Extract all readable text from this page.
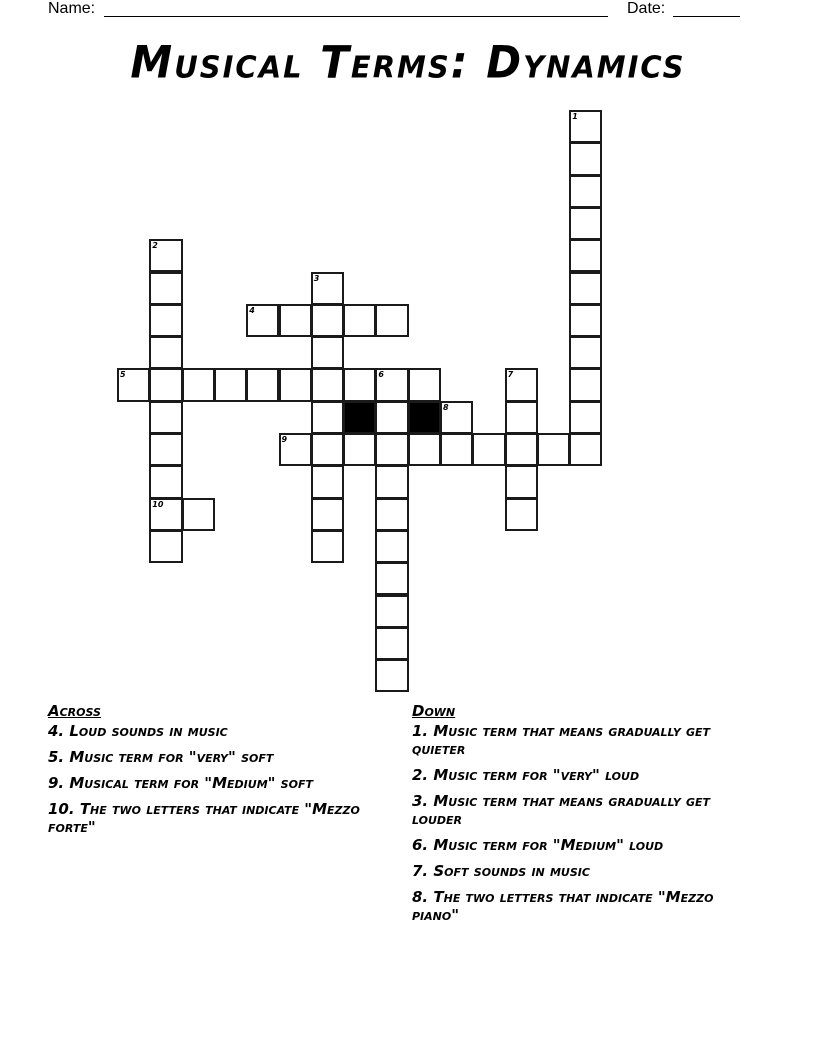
Name:	Date:
Musical Terms: Dynamics
1
2
10
3
4
5	6	7
8
9
Across
4. Loud sounds in music
5. Music term for "very" soft
9. Musical term for "Medium" soft
10. The two letters that indicate "Mezzo forte"
Down
1. Music term that means gradually get quieter
2. Music term for "very" loud
3. Music term that means gradually get louder
6. Music term for "Medium" loud
7. Soft sounds in music
8. The two letters that indicate "Mezzo piano"
